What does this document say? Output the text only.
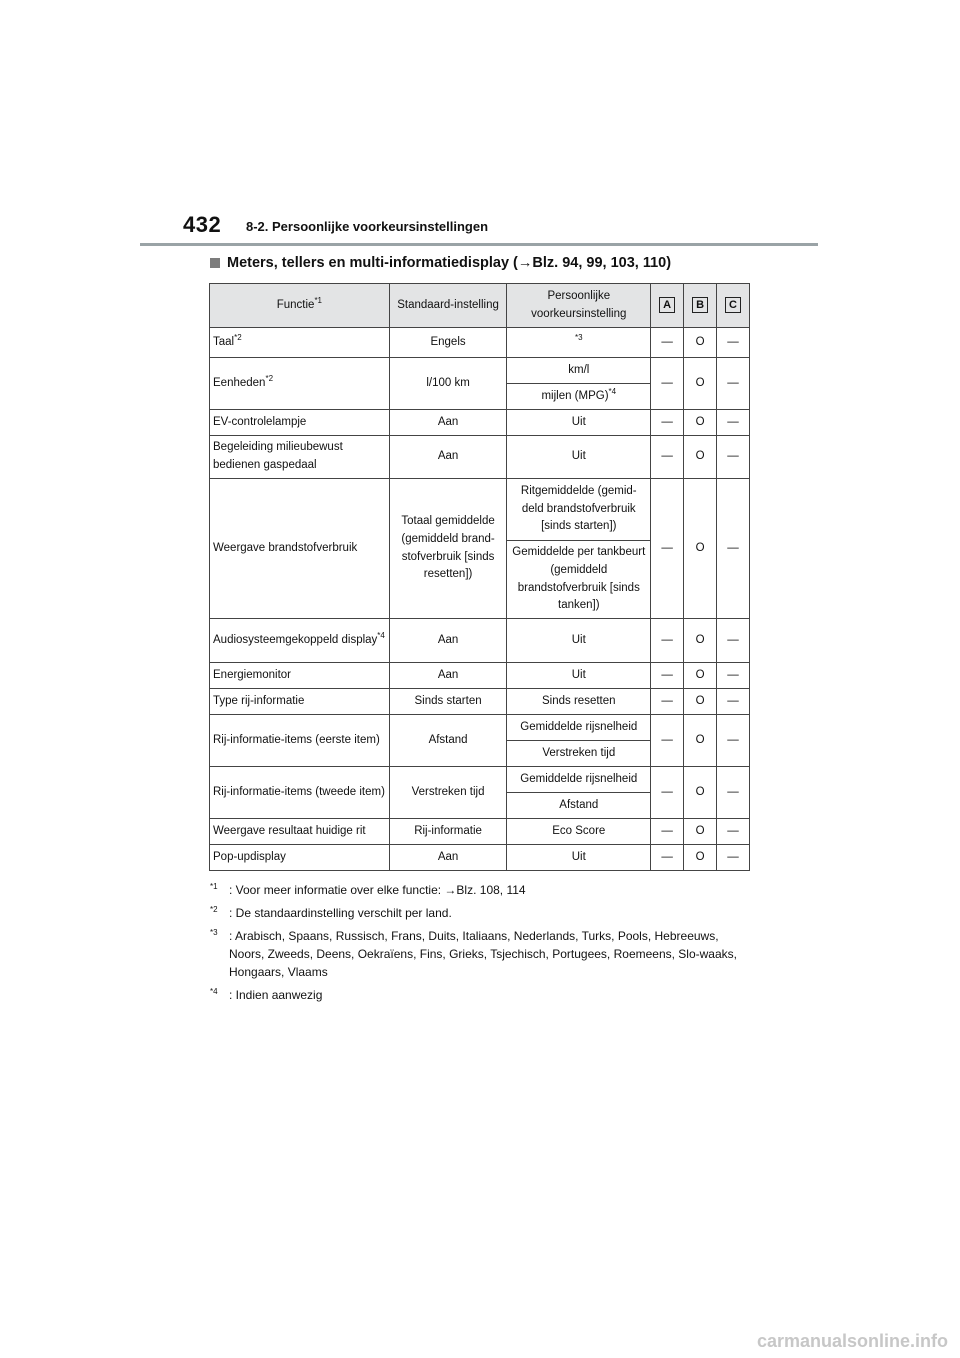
432 8-2. Persoonlijke voorkeursinstellingen
Meters, tellers en multi-informatiedisplay (→Blz. 94, 99, 103, 110)
Functie$^{*1}$	Standaard-instelling	Persoonlijke voorkeursinstelling	A	B	C
Taal$^{*2}$	Engels	$^{*3}$	—	O	—
Eenheden$^{*2}$	l/100 km	km/l	—	O	—
		mijlen (MPG)$^{*4}$
EV-controlelampje	Aan	Uit	—	O	—
Begeleiding milieubewust bedienen gaspedaal	Aan	Uit	—	O	—
Weergave brandstofverbruik	Totaal gemiddelde (gemiddeld brand-stofverbruik [sinds resetten])	Ritgemiddelde (gemid-deld brandstofverbruik [sinds starten])	—	O	—
		Gemiddelde per tankbeurt (gemiddeld brandstofverbruik [sinds tanken])			
Audiosysteemgekoppeld display$^{*4}$	Aan	Uit	—	O	—
Energiemonitor	Aan	Uit	—	O	—
Type rij-informatie	Sinds starten	Sinds resetten	—	O	—
Rij-informatie-items (eerste item)	Afstand	Gemiddelde rijsnelheid	—	O	—
		Verstreken tijd			
Rij-informatie-items (tweede item)	Verstreken tijd	Gemiddelde rijsnelheid	—	O	—
		Afstand			
Weergave resultaat huidige rit	Rij-informatie	Eco Score	—	O	—
Pop-updisplay	Aan	Uit	—	O	—
$^{*1}$ : Voor meer informatie over elke functie: →Blz. 108, 114
$^{*2}$ : De standaardinstelling verschilt per land.
$^{*3}$ : Arabisch, Spaans, Russisch, Frans, Duits, Italiaans, Nederlands, Turks, Pools, Hebreeuws, Noors, Zweeds, Deens, Oekraïens, Fins, Grieks, Tsjechisch, Portugees, Roemeens, Slo-waaks, Hongaars, Vlaams
$^{*4}$ : Indien aanwezig
carmanualsonline.info
